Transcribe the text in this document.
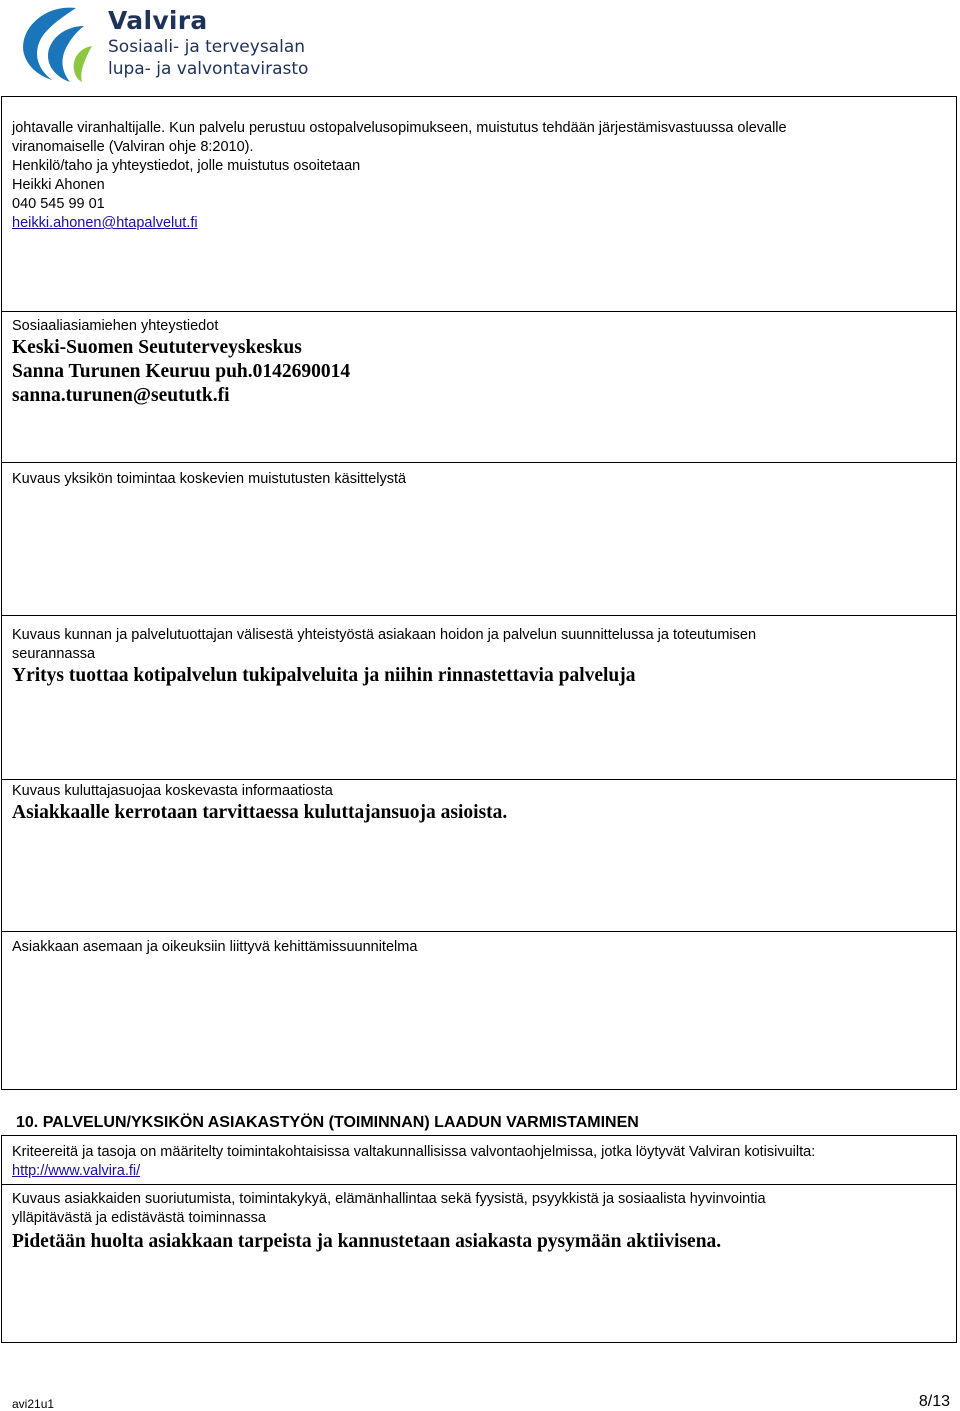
Valvira
Sosiaali- ja terveysalan
lupa- ja valvontavirasto
johtavalle viranhaltijalle. Kun palvelu perustuu ostopalvelusopimukseen, muistutus tehdään järjestämisvastuussa olevalle
viranomaiselle (Valviran ohje 8:2010).
Henkilö/taho ja yhteystiedot, jolle muistutus osoitetaan
Heikki Ahonen
040 545 99 01
heikki.ahonen@htapalvelut.fi
Sosiaaliasiamiehen yhteystiedot
Keski-Suomen Seututerveyskeskus
Sanna Turunen Keuruu puh.0142690014
sanna.turunen@seututk.fi
Kuvaus yksikön toimintaa koskevien muistutusten käsittelystä
Kuvaus kunnan ja palvelutuottajan välisestä yhteistyöstä asiakaan hoidon ja palvelun suunnittelussa ja toteutumisen
seurannassa
Yritys tuottaa kotipalvelun tukipalveluita ja niihin rinnastettavia palveluja
Kuvaus kuluttajasuojaa koskevasta informaatiosta
Asiakkaalle kerrotaan tarvittaessa kuluttajansuoja asioista.
Asiakkaan asemaan ja oikeuksiin liittyvä kehittämissuunnitelma
10. PALVELUN/YKSIKÖN ASIAKASTYÖN (TOIMINNAN) LAADUN VARMISTAMINEN
Kriteereitä ja tasoja on määritelty toimintakohtaisissa valtakunnallisissa valvontaohjelmissa, jotka löytyvät Valviran kotisivuilta:
http://www.valvira.fi/
Kuvaus asiakkaiden suoriutumista, toimintakykyä, elämänhallintaa sekä fyysistä, psyykkistä ja sosiaalista hyvinvointia
ylläpitävästä ja edistävästä toiminnassa
Pidetään huolta asiakkaan tarpeista ja kannustetaan asiakasta pysymään aktiivisena.
avi21u1	8/13
